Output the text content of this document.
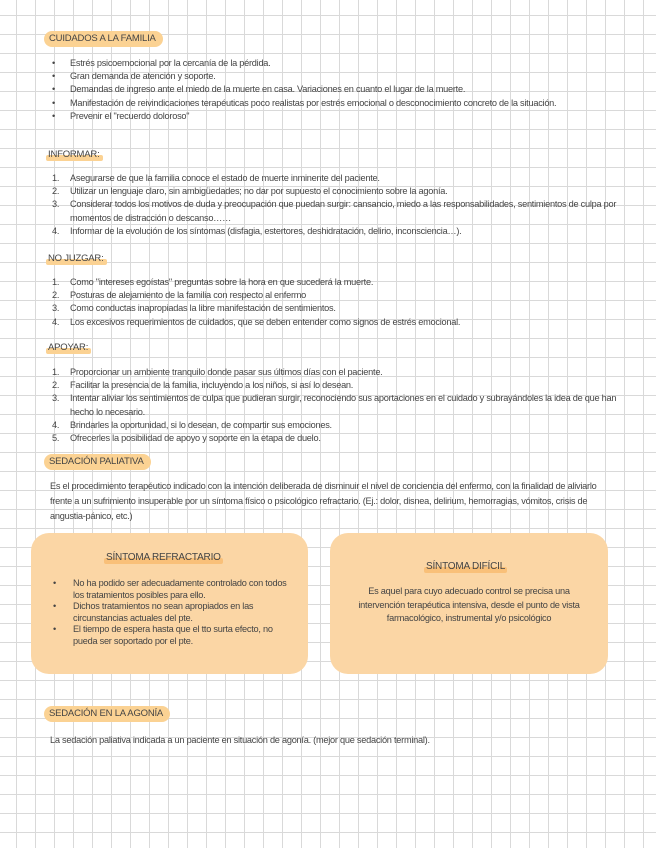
CUIDADOS A LA FAMILIA
• Estrés psicoemocional por la cercanía de la pérdida.
• Gran demanda de atención y soporte.
• Demandas de ingreso ante el miedo de la muerte en casa. Variaciones en cuanto el lugar de la muerte.
• Manifestación de reivindicaciones terapéuticas poco realistas por estrés emocional o desconocimiento concreto de la situación.
• Prevenir el "recuerdo doloroso"
INFORMAR:
Asegurarse de que la familia conoce el estado de muerte inminente del paciente.
Utilizar un lenguaje claro, sin ambigüedades; no dar por supuesto el conocimiento sobre la agonía.
Considerar todos los motivos de duda y preocupación que puedan surgir: cansancio, miedo a las responsabilidades, sentimientos de culpa por momentos de distracción o descanso……
Informar de la evolución de los síntomas (disfagia, estertores, deshidratación, delirio, inconsciencia…).
NO JUZGAR:
Como "intereses egoístas" preguntas sobre la hora en que sucederá la muerte.
Posturas de alejamiento de la familia con respecto al enfermo
Como conductas inapropiadas la libre manifestación de sentimientos.
Los excesivos requerimientos de cuidados, que se deben entender como signos de estrés emocional.
APOYAR:
Proporcionar un ambiente tranquilo donde pasar sus últimos días con el paciente.
Facilitar la presencia de la familia, incluyendo a los niños, si así lo desean.
Intentar aliviar los sentimientos de culpa que pudieran surgir, reconociendo sus aportaciones en el cuidado y subrayándoles la idea de que han hecho lo necesario.
Brindarles la oportunidad, si lo desean, de compartir sus emociones.
Ofrecerles la posibilidad de apoyo y soporte en la etapa de duelo.
SEDACIÓN PALIATIVA
Es el procedimiento terapéutico indicado con la intención deliberada de disminuir el nivel de conciencia del enfermo, con la finalidad de aliviarlo frente a un sufrimiento insuperable por un síntoma físico o psicológico refractario. (Ej.: dolor, disnea, delirium, hemorragias, vómitos, crisis de angustia-pánico, etc.)
SÍNTOMA REFRACTARIO
• No ha podido ser adecuadamente controlado con todos los tratamientos posibles para ello.
• Dichos tratamientos no sean apropiados en las circunstancias actuales del pte.
• El tiempo de espera hasta que el tto surta efecto, no pueda ser soportado por el pte.
SÍNTOMA DIFÍCIL
Es aquel para cuyo adecuado control se precisa una intervención terapéutica intensiva, desde el punto de vista farmacológico, instrumental y/o psicológico
SEDACIÓN EN LA AGONÍA
La sedación paliativa indicada a un paciente en situación de agonía. (mejor que sedación terminal).
